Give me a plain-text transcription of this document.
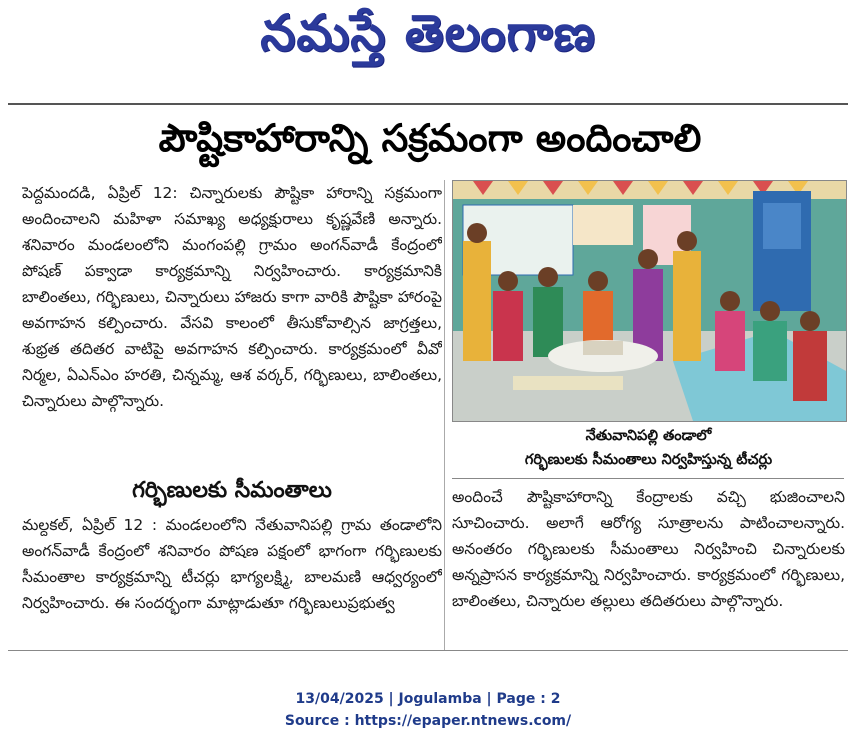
నమస్తే తెలంగాణ
పౌష్టికాహారాన్ని సక్రమంగా అందించాలి

పెద్దమందడి, ఏప్రిల్ 12: చిన్నారులకు పౌష్టికా హారాన్ని సక్రమంగా అందించాలని మహిళా సమాఖ్య అధ్యక్షురాలు కృష్ణవేణి అన్నారు. శనివారం మండలంలోని మంగంపల్లి గ్రామం అంగన్‌వాడీ కేంద్రంలో పోషణ్ పక్వాడా కార్యక్రమాన్ని నిర్వహించారు. కార్యక్రమానికి బాలింతలు, గర్భిణులు, చిన్నారులు హాజరు కాగా వారికి పౌష్టికా హారంపై అవగాహన కల్పించారు. వేసవి కాలంలో తీసుకోవాల్సిన జాగ్రత్తలు, శుభ్రత తదితర వాటిపై అవగాహన కల్పించారు. కార్యక్రమంలో వీవో నిర్మల, ఏఎన్ఎం హరతి, చిన్నమ్మ, ఆశ వర్కర్, గర్భిణులు, బాలింతలు, చిన్నారులు పాల్గొన్నారు.

నేతువానిపల్లి తండాలో
గర్భిణులకు సీమంతాలు నిర్వహిస్తున్న టీచర్లు
గర్భిణులకు సీమంతాలు

మల్దకల్, ఏప్రిల్ 12 : మండలంలోని నేతువానిపల్లి గ్రామ తండాలోని అంగన్‌వాడీ కేంద్రంలో శనివారం పోషణ పక్షంలో భాగంగా గర్భిణులకు సీమంతాల కార్యక్రమాన్ని టీచర్లు భాగ్యలక్ష్మి, బాలమణి ఆధ్వర్యంలో నిర్వహించారు. ఈ సందర్భంగా మాట్లాడుతూ గర్భిణులుప్రభుత్వ

అందించే పౌష్టికాహారాన్ని కేంద్రాలకు వచ్చి భుజించాలని సూచించారు. అలాగే ఆరోగ్య సూత్రాలను పాటించాలన్నారు. అనంతరం గర్భిణులకు సీమంతాలు నిర్వహించి చిన్నారులకు అన్నప్రాసన కార్యక్రమాన్ని నిర్వహించారు. కార్యక్రమంలో గర్భిణులు, బాలింతలు, చిన్నారుల తల్లులు తదితరులు పాల్గొన్నారు.

13/04/2025 | Jogulamba | Page : 2
Source : https://epaper.ntnews.com/
